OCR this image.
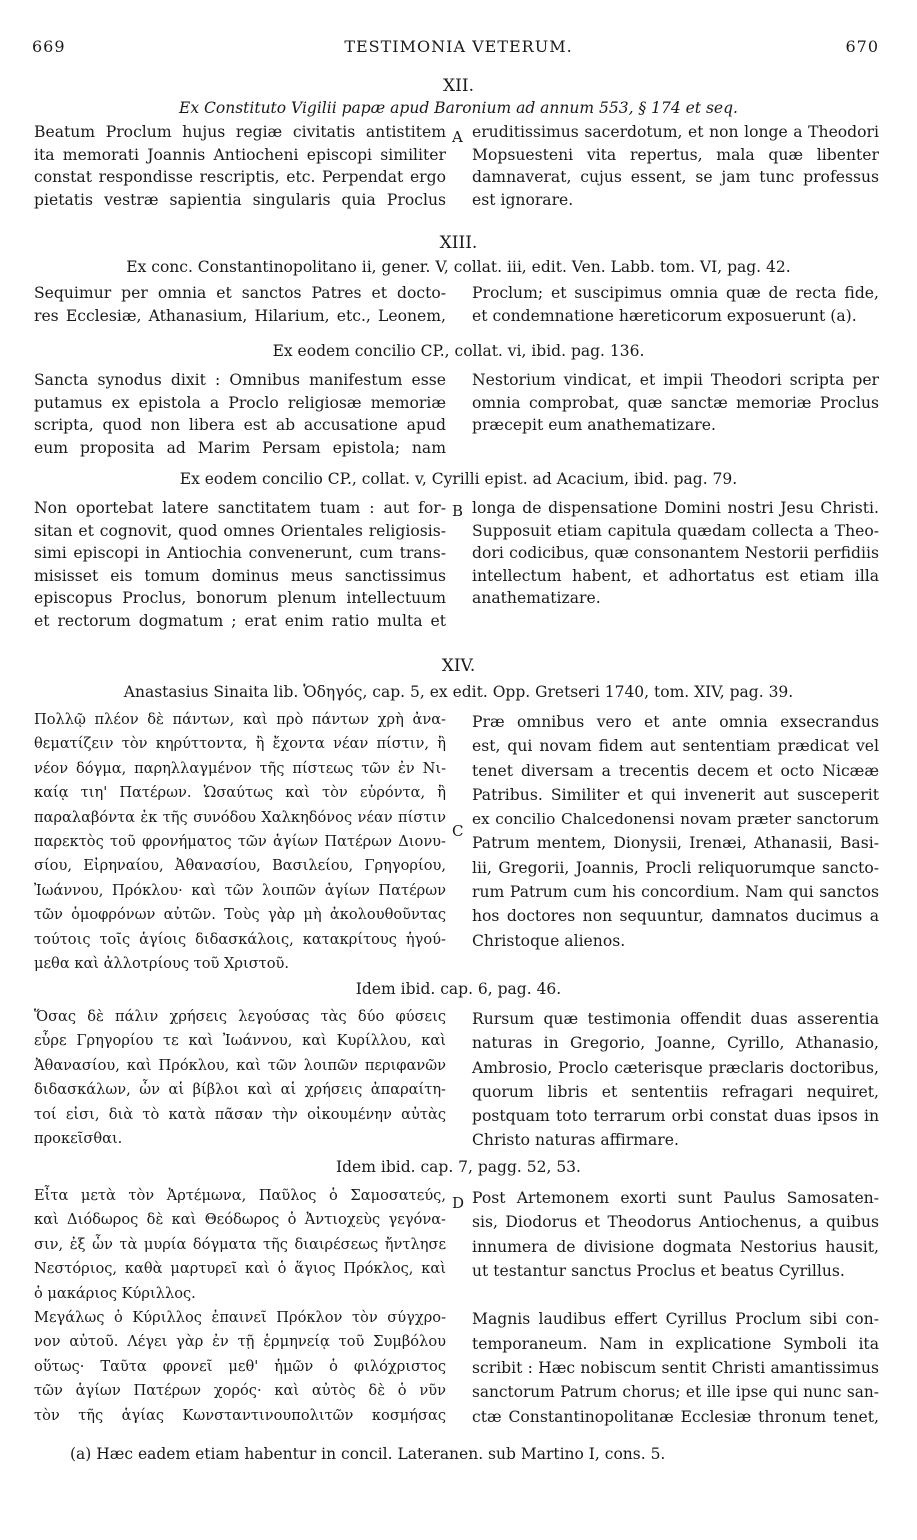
669	TESTIMONIA VETERUM.	670
XII.
Ex Constituto Vigilii papæ apud Baronium ad annum 553, § 174 et seq.
Beatum Proclum hujus regiæ civitatis antistitem
ita memorati Joannis Antiocheni episcopi similiter
constat respondisse rescriptis, etc. Perpendat ergo
pietatis vestræ sapientia singularis quia Proclus
A eruditissimus sacerdotum, et non longe a Theodori
Mopsuesteni vita repertus, mala quæ libenter
damnaverat, cujus essent, se jam tunc professus
est ignorare.
XIII.
Ex conc. Constantinopolitano ii, gener. V, collat. iii, edit. Ven. Labb. tom. VI, pag. 42.
Sequimur per omnia et sanctos Patres et docto-
res Ecclesiæ, Athanasium, Hilarium, etc., Leonem,
Proclum; et suscipimus omnia quæ de recta fide,
et condemnatione hæreticorum exposuerunt (a).
Ex eodem concilio CP., collat. vi, ibid. pag. 136.
Sancta synodus dixit : Omnibus manifestum esse
putamus ex epistola a Proclo religiosæ memoriæ
scripta, quod non libera est ab accusatione apud
eum proposita ad Marim Persam epistola; nam
Nestorium vindicat, et impii Theodori scripta per
omnia comprobat, quæ sanctæ memoriæ Proclus
præcepit eum anathematizare.
Ex eodem concilio CP., collat. v, Cyrilli epist. ad Acacium, ibid. pag. 79.
Non oportebat latere sanctitatem tuam : aut for-
sitan et cognovit, quod omnes Orientales religiosis-
simi episcopi in Antiochia convenerunt, cum trans-
misisset eis tomum dominus meus sanctissimus
episcopus Proclus, bonorum plenum intellectuum
et rectorum dogmatum ; erat enim ratio multa et
B longa de dispensatione Domini nostri Jesu Christi.
Supposuit etiam capitula quædam collecta a Theo-
dori codicibus, quæ consonantem Nestorii perfidiis
intellectum habent, et adhortatus est etiam illa
anathematizare.
XIV.
Anastasius Sinaita lib. Ὁδηγός, cap. 5, ex edit. Opp. Gretseri 1740, tom. XIV, pag. 39.
Πολλῷ πλέον δὲ πάντων, καὶ πρὸ πάντων χρὴ ἀνα-
θεματίζειν τὸν κηρύττοντα, ἢ ἔχοντα νέαν πίστιν, ἢ
νέον δόγμα, παρηλλαγμένον τῆς πίστεως τῶν ἐν Νι-
καίᾳ τιη' Πατέρων. Ὡσαύτως καὶ τὸν εὑρόντα, ἢ
παραλαβόντα ἐκ τῆς συνόδου Χαλκηδόνος νέαν πίστιν
παρεκτὸς τοῦ φρονήματος τῶν ἁγίων Πατέρων Διονυ-
σίου, Εἰρηναίου, Ἀθανασίου, Βασιλείου, Γρηγορίου,
Ἰωάννου, Πρόκλου· καὶ τῶν λοιπῶν ἁγίων Πατέρων
τῶν ὁμοφρόνων αὐτῶν. Τοὺς γὰρ μὴ ἀκολουθοῦντας
τούτοις τοῖς ἁγίοις διδασκάλοις, κατακρίτους ἡγού-
μεθα καὶ ἀλλοτρίους τοῦ Χριστοῦ.
C
Præ omnibus vero et ante omnia exsecrandus
est, qui novam fidem aut sententiam prædicat vel
tenet diversam a trecentis decem et octo Nicææ
Patribus. Similiter et qui invenerit aut susceperit
ex concilio Chalcedonensi novam præter sanctorum
Patrum mentem, Dionysii, Irenæi, Athanasii, Basi-
lii, Gregorii, Joannis, Procli reliquorumque sancto-
rum Patrum cum his concordium. Nam qui sanctos
hos doctores non sequuntur, damnatos ducimus a
Christoque alienos.
Idem ibid. cap. 6, pag. 46.
Ὅσας δὲ πάλιν χρήσεις λεγούσας τὰς δύο φύσεις
εὗρε Γρηγορίου τε καὶ Ἰωάννου, καὶ Κυρίλλου, καὶ
Ἀθανασίου, καὶ Πρόκλου, καὶ τῶν λοιπῶν περιφανῶν
διδασκάλων, ὧν αἱ βίβλοι καὶ αἱ χρήσεις ἀπαραίτη-
τοί εἰσι, διὰ τὸ κατὰ πᾶσαν τὴν οἰκουμένην αὐτὰς
προκεῖσθαι.
Rursum quæ testimonia offendit duas asserentia
naturas in Gregorio, Joanne, Cyrillo, Athanasio,
Ambrosio, Proclo cæterisque præclaris doctoribus,
quorum libris et sententiis refragari nequiret,
postquam toto terrarum orbi constat duas ipsos in
Christo naturas affirmare.
Idem ibid. cap. 7, pagg. 52, 53.
Εἶτα μετὰ τὸν Ἀρτέμωνα, Παῦλος ὁ Σαμοσατεύς,
καὶ Διόδωρος δὲ καὶ Θεόδωρος ὁ Ἀντιοχεὺς γεγόνα-
σιν, ἐξ ὧν τὰ μυρία δόγματα τῆς διαιρέσεως ἤντλησε
Νεστόριος, καθὰ μαρτυρεῖ καὶ ὁ ἅγιος Πρόκλος, καὶ
ὁ μακάριος Κύριλλος.
Μεγάλως ὁ Κύριλλος ἐπαινεῖ Πρόκλον τὸν σύγχρο-
νον αὐτοῦ. Λέγει γὰρ ἐν τῇ ἑρμηνείᾳ τοῦ Συμβόλου
οὕτως· Ταῦτα φρονεῖ μεθ' ἡμῶν ὁ φιλόχριστος
τῶν ἁγίων Πατέρων χορός· καὶ αὐτὸς δὲ ὁ νῦν
τὸν τῆς ἁγίας Κωνσταντινουπολιτῶν κοσμήσας
D Post Artemonem exorti sunt Paulus Samosaten-
sis, Diodorus et Theodorus Antiochenus, a quibus
innumera de divisione dogmata Nestorius hausit,
ut testantur sanctus Proclus et beatus Cyrillus.

Magnis laudibus effert Cyrillus Proclum sibi con-
temporaneum. Nam in explicatione Symboli ita
scribit : Hæc nobiscum sentit Christi amantissimus
sanctorum Patrum chorus; et ille ipse qui nunc san-
ctæ Constantinopolitanæ Ecclesiæ thronum tenet,
(a) Hæc eadem etiam habentur in concil. Lateranen. sub Martino I, cons. 5.
